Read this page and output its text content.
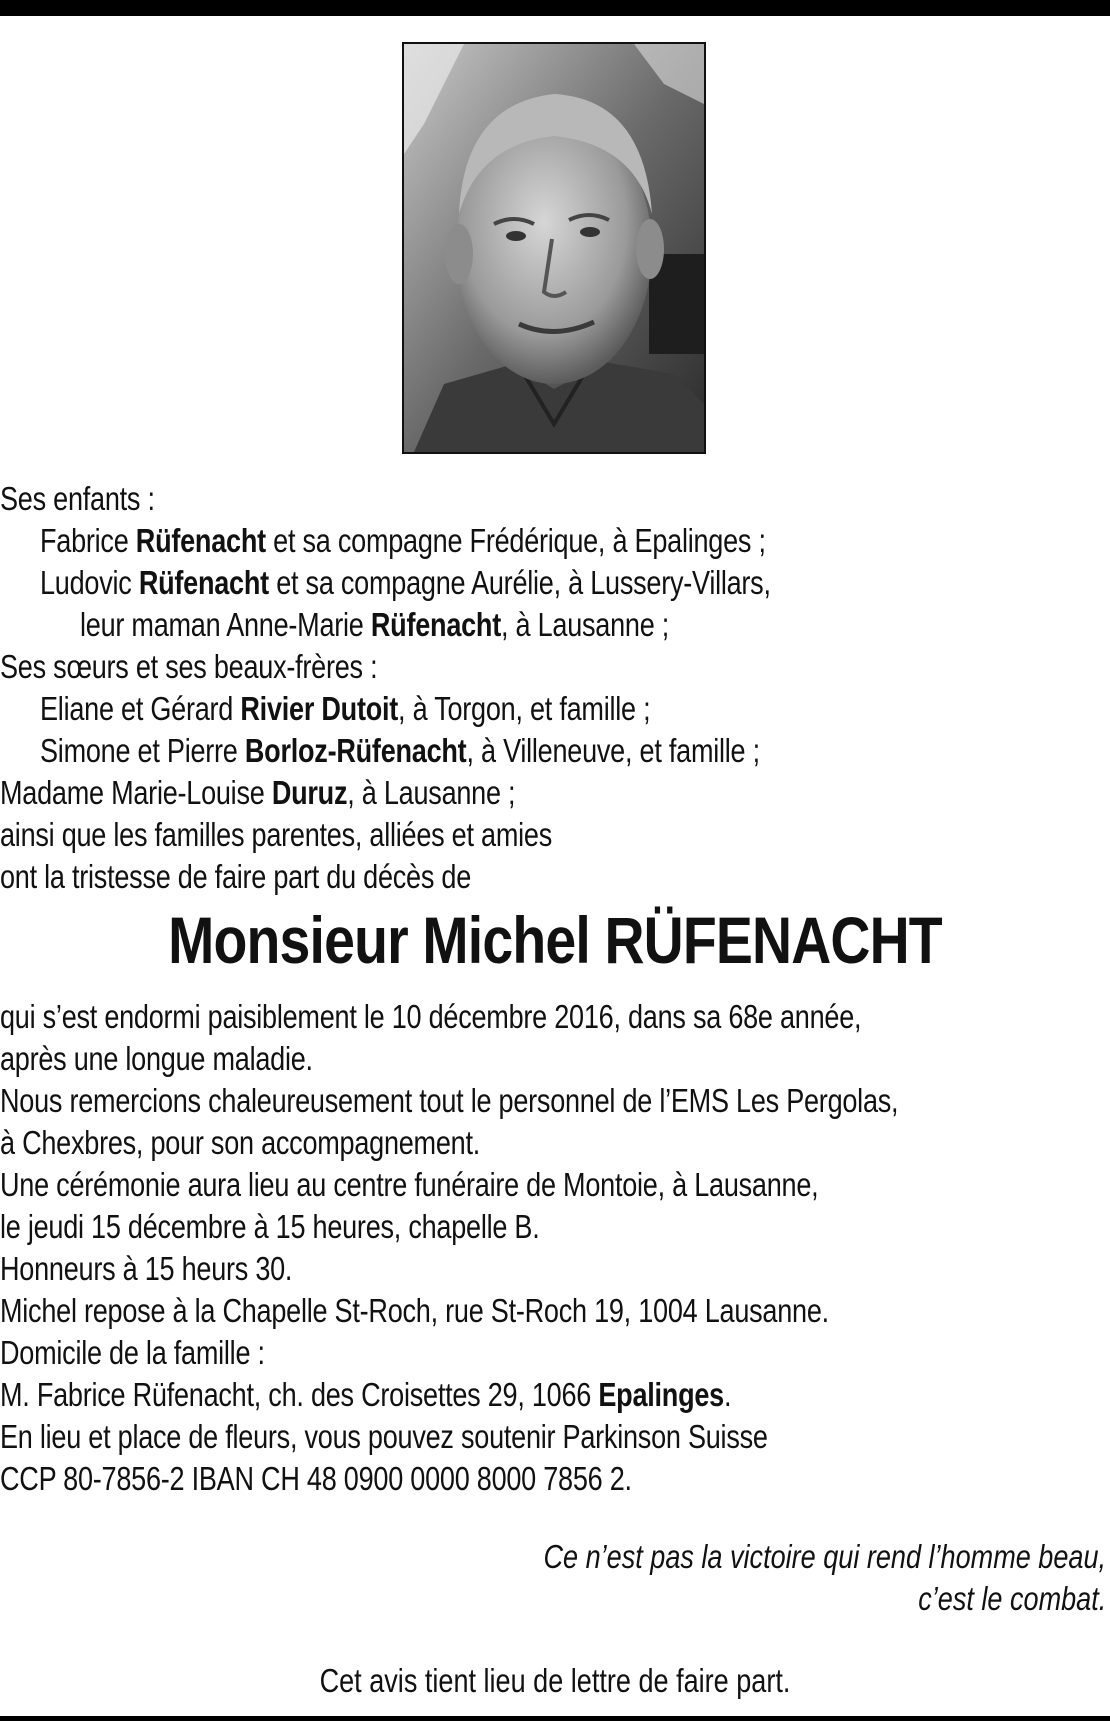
Ses enfants :
Fabrice Rüfenacht et sa compagne Frédérique, à Epalinges ;
Ludovic Rüfenacht et sa compagne Aurélie, à Lussery-Villars,
leur maman Anne-Marie Rüfenacht, à Lausanne ;
Ses sœurs et ses beaux-frères :
Eliane et Gérard Rivier Dutoit, à Torgon, et famille ;
Simone et Pierre Borloz-Rüfenacht, à Villeneuve, et famille ;
Madame Marie-Louise Duruz, à Lausanne ;
ainsi que les familles parentes, alliées et amies
ont la tristesse de faire part du décès de
Monsieur Michel RÜFENACHT
qui s’est endormi paisiblement le 10 décembre 2016, dans sa 68e année,
après une longue maladie.
Nous remercions chaleureusement tout le personnel de l’EMS Les Pergolas,
à Chexbres, pour son accompagnement.
Une cérémonie aura lieu au centre funéraire de Montoie, à Lausanne,
le jeudi 15 décembre à 15 heures, chapelle B.
Honneurs à 15 heurs 30.
Michel repose à la Chapelle St-Roch, rue St-Roch 19, 1004 Lausanne.
Domicile de la famille :
M. Fabrice Rüfenacht, ch. des Croisettes 29, 1066 Epalinges.
En lieu et place de fleurs, vous pouvez soutenir Parkinson Suisse
CCP 80-7856-2 IBAN CH 48 0900 0000 8000 7856 2.
Ce n’est pas la victoire qui rend l’homme beau,
c’est le combat.
Cet avis tient lieu de lettre de faire part.
